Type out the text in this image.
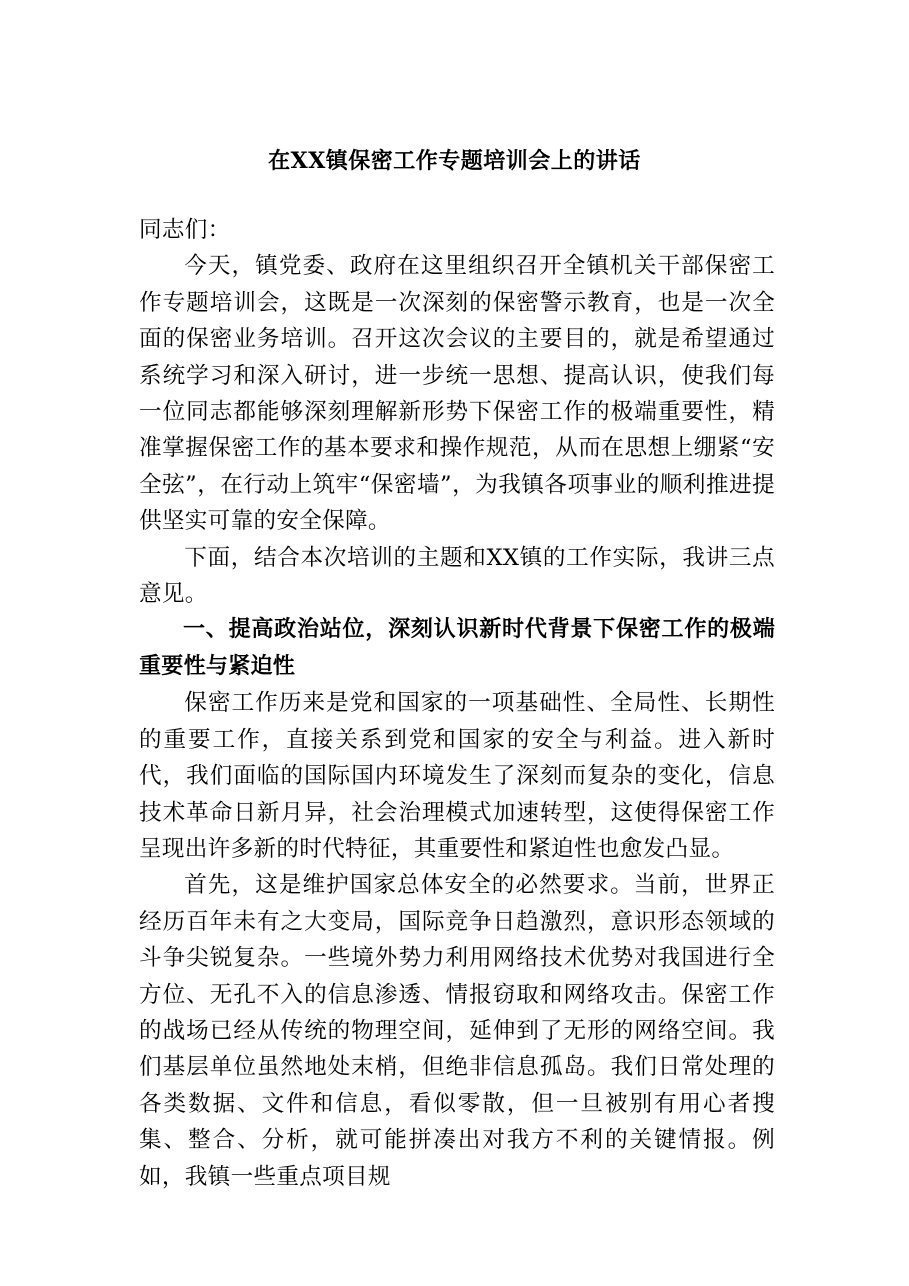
在XX镇保密工作专题培训会上的讲话

同志们：

今天，镇党委、政府在这里组织召开全镇机关干部保密工作专题培训会，这既是一次深刻的保密警示教育，也是一次全面的保密业务培训。召开这次会议的主要目的，就是希望通过系统学习和深入研讨，进一步统一思想、提高认识，使我们每一位同志都能够深刻理解新形势下保密工作的极端重要性，精准掌握保密工作的基本要求和操作规范，从而在思想上绷紧“安全弦”，在行动上筑牢“保密墙”，为我镇各项事业的顺利推进提供坚实可靠的安全保障。

下面，结合本次培训的主题和XX镇的工作实际，我讲三点意见。

一、提高政治站位，深刻认识新时代背景下保密工作的极端重要性与紧迫性

保密工作历来是党和国家的一项基础性、全局性、长期性的重要工作，直接关系到党和国家的安全与利益。进入新时代，我们面临的国际国内环境发生了深刻而复杂的变化，信息技术革命日新月异，社会治理模式加速转型，这使得保密工作呈现出许多新的时代特征，其重要性和紧迫性也愈发凸显。

首先，这是维护国家总体安全的必然要求。当前，世界正经历百年未有之大变局，国际竞争日趋激烈，意识形态领域的斗争尖锐复杂。一些境外势力利用网络技术优势对我国进行全方位、无孔不入的信息渗透、情报窃取和网络攻击。保密工作的战场已经从传统的物理空间，延伸到了无形的网络空间。我们基层单位虽然地处末梢，但绝非信息孤岛。我们日常处理的各类数据、文件和信息，看似零散，但一旦被别有用心者搜集、整合、分析，就可能拼凑出对我方不利的关键情报。例如，我镇一些重点项目规
